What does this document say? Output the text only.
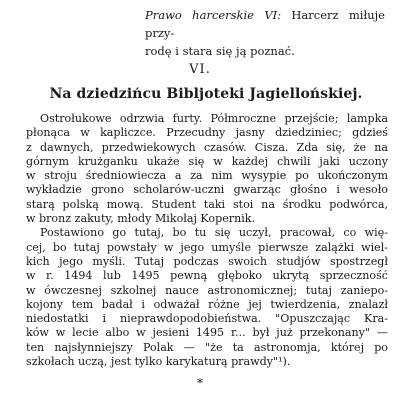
Prawo harcerskie VI: Harcerz miłuje przy-
rodę i stara się ją poznać.
VI.
Na dziedzińcu Bibljoteki Jagiellońskiej.
Ostrołukowe odrzwia furty. Półmroczne przejście; lampka
płonąca w kapliczce. Przecudny jasny dziedziniec; gdzieś
z dawnych, przedwiekowych czasów. Cisza. Zda się, że na
górnym krużganku ukaże się w każdej chwili jaki uczony
w stroju średniowiecza a za nim wysypie po ukończonym
wykładzie grono scholarów-uczni gwarząc głośno i wesoło
starą polską mową. Student taki stoi na środku podwórca,
w bronz zakuty, młody Mikołaj Kopernik.
Postawiono go tutaj, bo tu się uczył, pracował, co wię-
cej, bo tutaj powstały w jego umyśle pierwsze zalążki wiel-
kich jego myśli. Tutaj podczas swoich studjów spostrzegł
w r. 1494 lub 1495 pewną głęboko ukrytą sprzeczność
w ówczesnej szkolnej nauce astronomicznej; tutaj zaniepo-
kojony tem badał i odważał różne jej twierdzenia, znalazł
niedostatki i nieprawdopodobieństwa. "Opuszczając Kra-
ków w lecie albo w jesieni 1495 r... był już przekonany" —
ten najsłynniejszy Polak — "że ta astronomja, której po
szkołach uczą, jest tylko karykaturą prawdy"¹).
*
